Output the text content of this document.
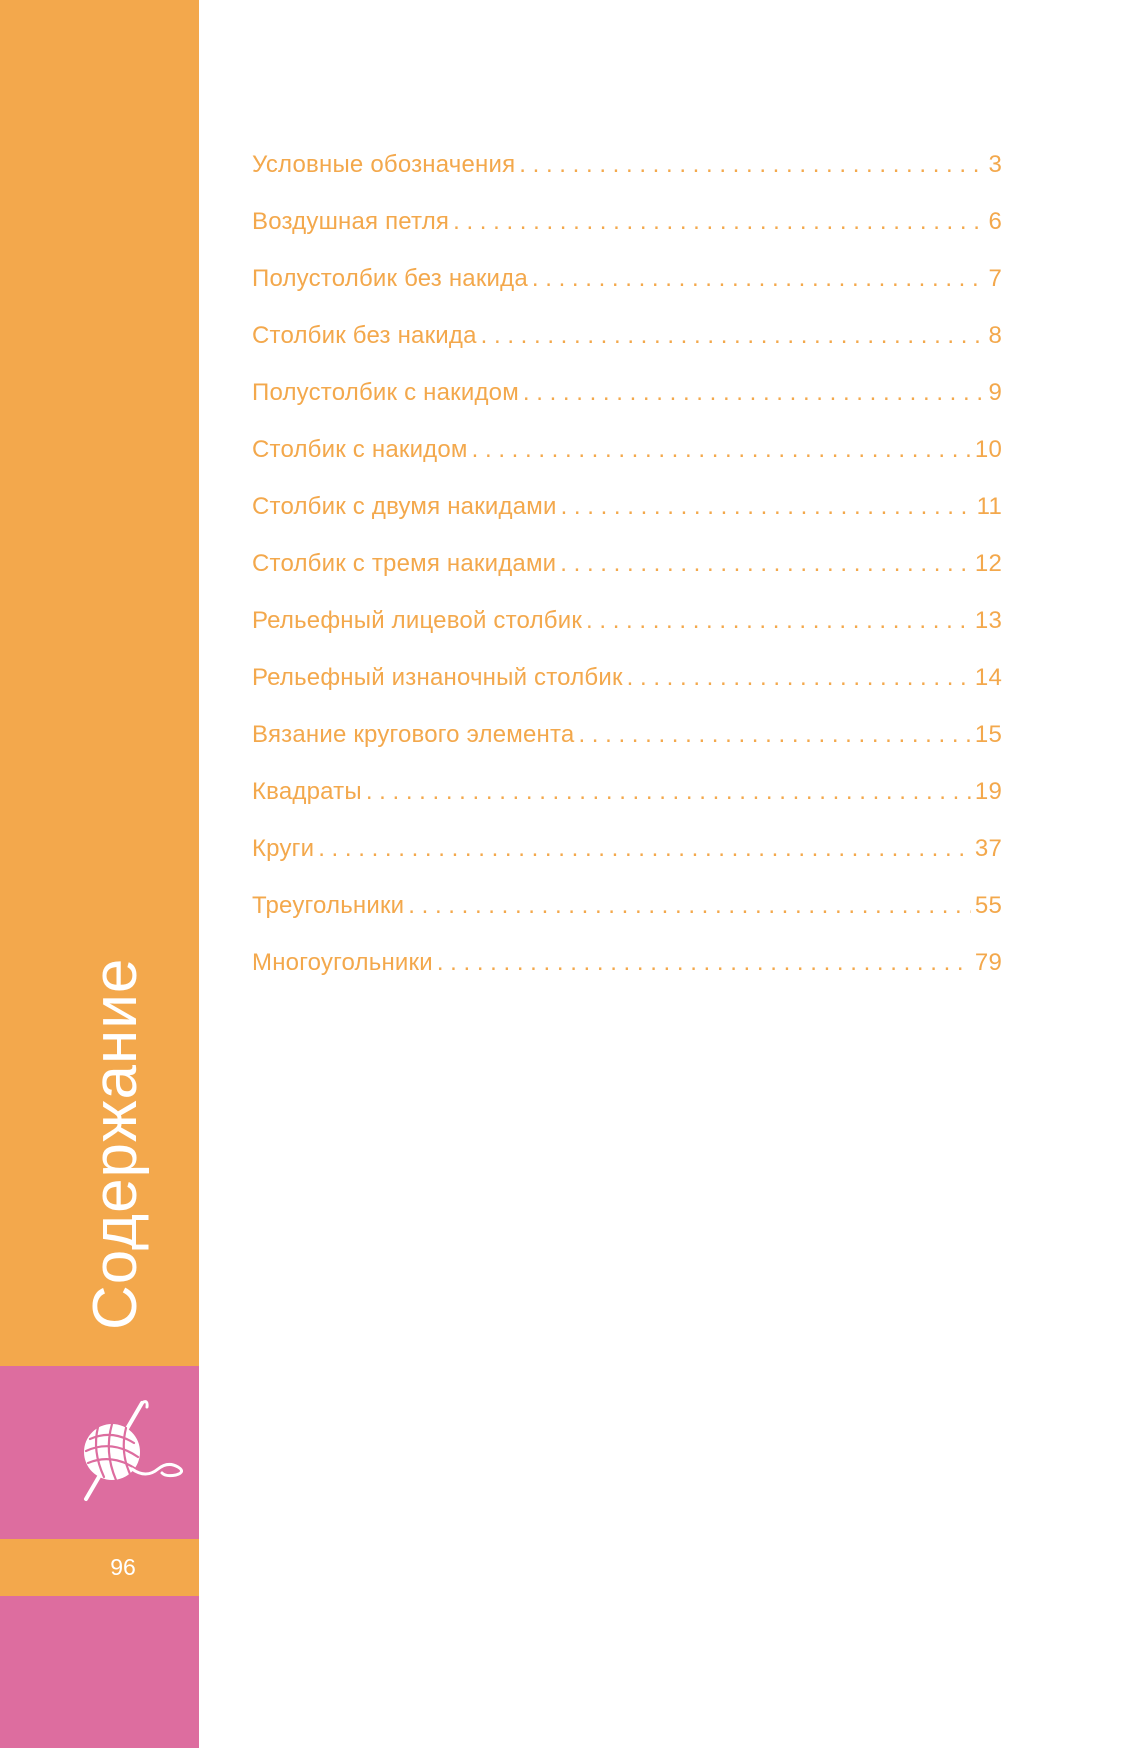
Содержание
96
Условные обозначения . . .	3
Воздушная петля . . .	6
Полустолбик без накида . . .	7
Столбик без накида . . .	8
Полустолбик с накидом . . .	9
Столбик с накидом . . .	10
Столбик с двумя накидами . . .	11
Столбик с тремя накидами . . .	12
Рельефный лицевой столбик . . .	13
Рельефный изнаночный столбик . . .	14
Вязание кругового элемента . . .	15
Квадраты . . .	19
Круги . . .	37
Треугольники . . .	55
Многоугольники . . .	79
